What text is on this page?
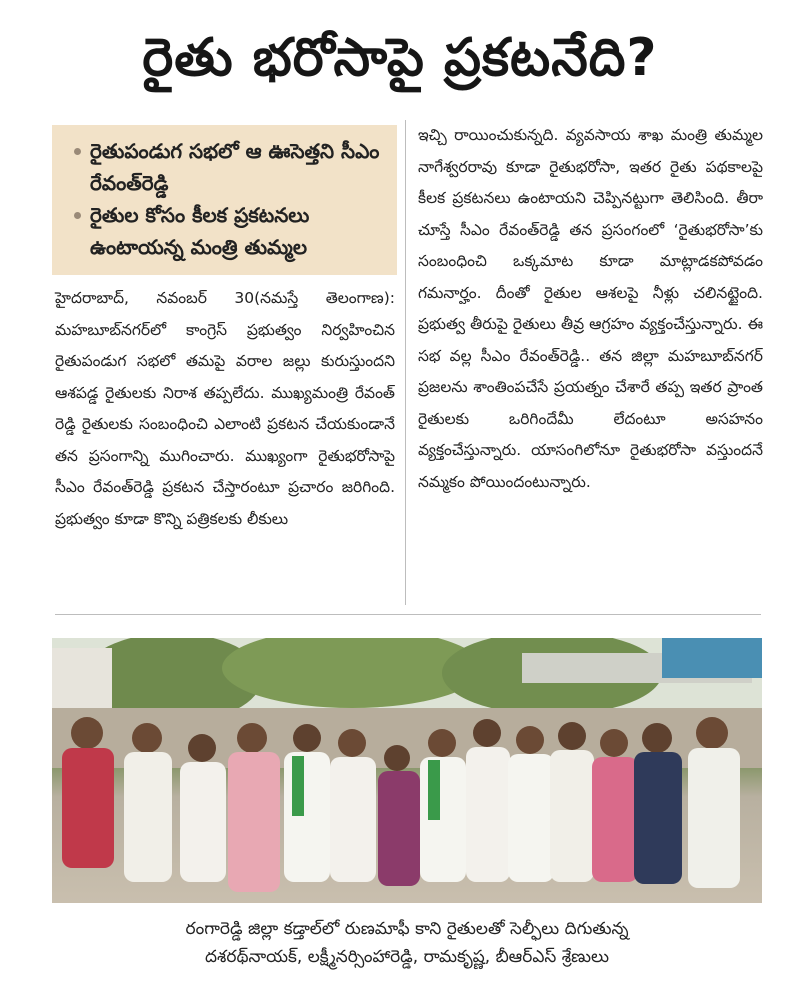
రైతు భరోసాపై ప్రకటనేది?
రైతుపండుగ సభలో ఆ ఊసెత్తని సీఎం రేవంత్‌రెడ్డి
రైతుల కోసం కీలక ప్రకటనలు ఉంటాయన్న మంత్రి తుమ్మల
హైదరాబాద్, నవంబర్ 30(నమస్తే తెలంగాణ): మహబూబ్‌నగర్‌లో కాంగ్రెస్ ప్రభుత్వం నిర్వహించిన రైతుపండుగ సభలో తమపై వరాల జల్లు కురుస్తుందని ఆశపడ్డ రైతులకు నిరాశ తప్పలేదు. ముఖ్యమంత్రి రేవంత్ రెడ్డి రైతులకు సంబంధించి ఎలాంటి ప్రకటన చేయకుండానే తన ప్రసంగాన్ని ముగించారు. ముఖ్యంగా రైతుభరోసాపై సీఎం రేవంత్‌రెడ్డి ప్రకటన చేస్తారంటూ ప్రచారం జరిగింది. ప్రభుత్వం కూడా కొన్ని పత్రికలకు లీకులు
ఇచ్చి రాయించుకున్నది. వ్యవసాయ శాఖ మంత్రి తుమ్మల నాగేశ్వరరావు కూడా రైతుభరోసా, ఇతర రైతు పథకాలపై కీలక ప్రకటనలు ఉంటాయని చెప్పినట్టుగా తెలిసింది. తీరా చూస్తే సీఎం రేవంత్‌రెడ్డి తన ప్రసంగంలో ‘రైతుభరోసా’కు సంబంధించి ఒక్కమాట కూడా మాట్లాడకపోవడం గమనార్హం. దీంతో రైతుల ఆశలపై నీళ్లు చలినట్టైంది. ప్రభుత్వ తీరుపై రైతులు తీవ్ర ఆగ్రహం వ్యక్తంచేస్తున్నారు. ఈ సభ వల్ల సీఎం రేవంత్‌రెడ్డి.. తన జిల్లా మహబూబ్‌నగర్ ప్రజలను శాంతింపచేసే ప్రయత్నం చేశారే తప్ప ఇతర ప్రాంత రైతులకు ఒరిగిందేమీ లేదంటూ అసహనం వ్యక్తంచేస్తున్నారు. యాసంగిలోనూ రైతుభరోసా వస్తుందనే నమ్మకం పోయిందంటున్నారు.
రంగారెడ్డి జిల్లా కడ్తాల్‌లో రుణమాఫీ కాని రైతులతో సెల్ఫీలు దిగుతున్న
దశరథ్‌నాయక్, లక్ష్మీనర్సింహారెడ్డి, రామకృష్ణ, బీఆర్‌ఎస్ శ్రేణులు
